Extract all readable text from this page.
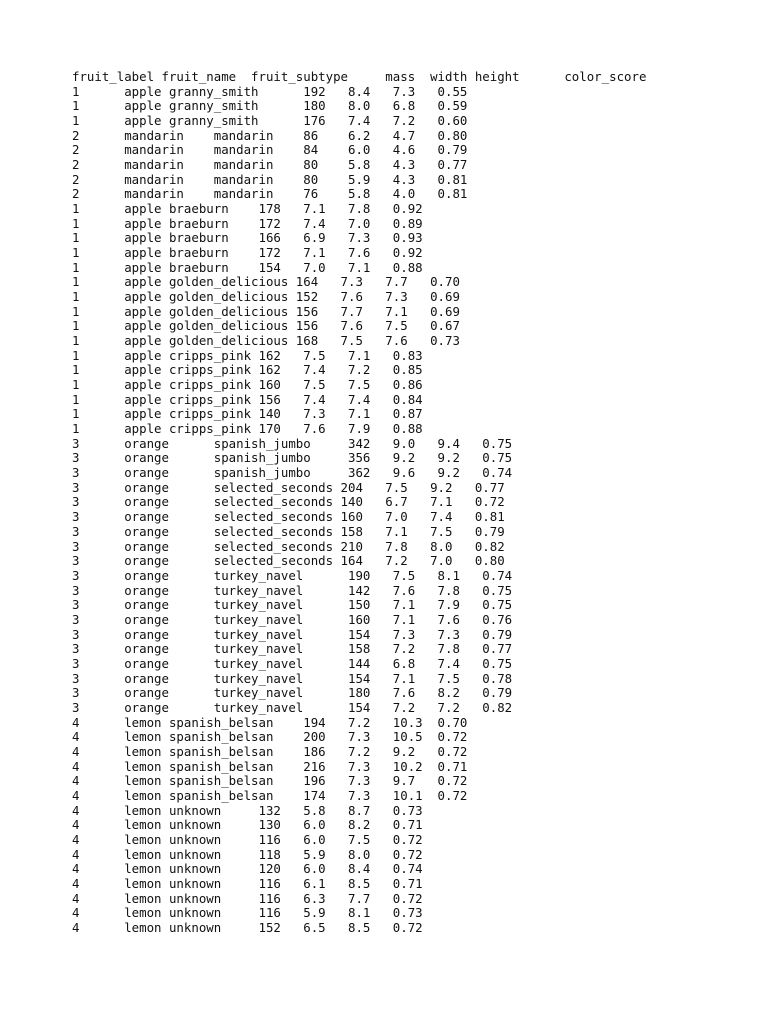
fruit_label fruit_name  fruit_subtype     mass  width height      color_score
1      apple granny_smith      192   8.4   7.3   0.55
1      apple granny_smith      180   8.0   6.8   0.59
1      apple granny_smith      176   7.4   7.2   0.60
2      mandarin    mandarin    86    6.2   4.7   0.80
2      mandarin    mandarin    84    6.0   4.6   0.79
2      mandarin    mandarin    80    5.8   4.3   0.77
2      mandarin    mandarin    80    5.9   4.3   0.81
2      mandarin    mandarin    76    5.8   4.0   0.81
1      apple braeburn    178   7.1   7.8   0.92
1      apple braeburn    172   7.4   7.0   0.89
1      apple braeburn    166   6.9   7.3   0.93
1      apple braeburn    172   7.1   7.6   0.92
1      apple braeburn    154   7.0   7.1   0.88
1      apple golden_delicious 164   7.3   7.7   0.70
1      apple golden_delicious 152   7.6   7.3   0.69
1      apple golden_delicious 156   7.7   7.1   0.69
1      apple golden_delicious 156   7.6   7.5   0.67
1      apple golden_delicious 168   7.5   7.6   0.73
1      apple cripps_pink 162   7.5   7.1   0.83
1      apple cripps_pink 162   7.4   7.2   0.85
1      apple cripps_pink 160   7.5   7.5   0.86
1      apple cripps_pink 156   7.4   7.4   0.84
1      apple cripps_pink 140   7.3   7.1   0.87
1      apple cripps_pink 170   7.6   7.9   0.88
3      orange      spanish_jumbo     342   9.0   9.4   0.75
3      orange      spanish_jumbo     356   9.2   9.2   0.75
3      orange      spanish_jumbo     362   9.6   9.2   0.74
3      orange      selected_seconds 204   7.5   9.2   0.77
3      orange      selected_seconds 140   6.7   7.1   0.72
3      orange      selected_seconds 160   7.0   7.4   0.81
3      orange      selected_seconds 158   7.1   7.5   0.79
3      orange      selected_seconds 210   7.8   8.0   0.82
3      orange      selected_seconds 164   7.2   7.0   0.80
3      orange      turkey_navel      190   7.5   8.1   0.74
3      orange      turkey_navel      142   7.6   7.8   0.75
3      orange      turkey_navel      150   7.1   7.9   0.75
3      orange      turkey_navel      160   7.1   7.6   0.76
3      orange      turkey_navel      154   7.3   7.3   0.79
3      orange      turkey_navel      158   7.2   7.8   0.77
3      orange      turkey_navel      144   6.8   7.4   0.75
3      orange      turkey_navel      154   7.1   7.5   0.78
3      orange      turkey_navel      180   7.6   8.2   0.79
3      orange      turkey_navel      154   7.2   7.2   0.82
4      lemon spanish_belsan    194   7.2   10.3  0.70
4      lemon spanish_belsan    200   7.3   10.5  0.72
4      lemon spanish_belsan    186   7.2   9.2   0.72
4      lemon spanish_belsan    216   7.3   10.2  0.71
4      lemon spanish_belsan    196   7.3   9.7   0.72
4      lemon spanish_belsan    174   7.3   10.1  0.72
4      lemon unknown     132   5.8   8.7   0.73
4      lemon unknown     130   6.0   8.2   0.71
4      lemon unknown     116   6.0   7.5   0.72
4      lemon unknown     118   5.9   8.0   0.72
4      lemon unknown     120   6.0   8.4   0.74
4      lemon unknown     116   6.1   8.5   0.71
4      lemon unknown     116   6.3   7.7   0.72
4      lemon unknown     116   5.9   8.1   0.73
4      lemon unknown     152   6.5   8.5   0.72
